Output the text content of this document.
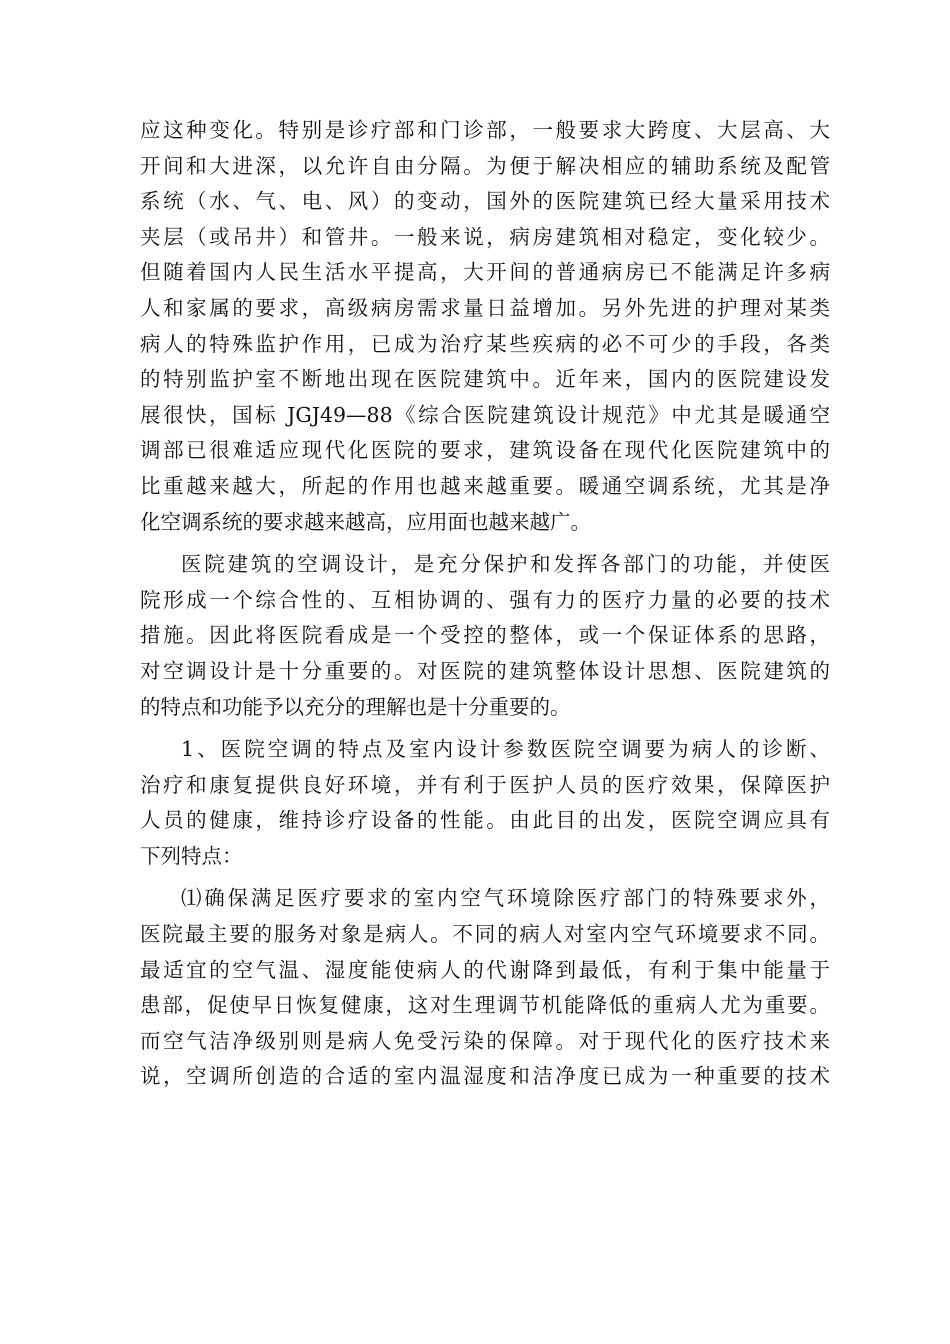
应这种变化。特别是诊疗部和门诊部，一般要求大跨度、大层高、大
开间和大进深，以允许自由分隔。为便于解决相应的辅助系统及配管
系统（水、气、电、风）的变动，国外的医院建筑已经大量采用技术
夹层（或吊井）和管井。一般来说，病房建筑相对稳定，变化较少。
但随着国内人民生活水平提高，大开间的普通病房已不能满足许多病
人和家属的要求，高级病房需求量日益增加。另外先进的护理对某类
病人的特殊监护作用，已成为治疗某些疾病的必不可少的手段，各类
的特别监护室不断地出现在医院建筑中。近年来，国内的医院建设发
展很快，国标 JGJ49—88《综合医院建筑设计规范》中尤其是暖通空
调部已很难适应现代化医院的要求，建筑设备在现代化医院建筑中的
比重越来越大，所起的作用也越来越重要。暖通空调系统，尤其是净
化空调系统的要求越来越高，应用面也越来越广。
医院建筑的空调设计，是充分保护和发挥各部门的功能，并使医
院形成一个综合性的、互相协调的、强有力的医疗力量的必要的技术
措施。因此将医院看成是一个受控的整体，或一个保证体系的思路，
对空调设计是十分重要的。对医院的建筑整体设计思想、医院建筑的
的特点和功能予以充分的理解也是十分重要的。
1、医院空调的特点及室内设计参数医院空调要为病人的诊断、
治疗和康复提供良好环境，并有利于医护人员的医疗效果，保障医护
人员的健康，维持诊疗设备的性能。由此目的出发，医院空调应具有
下列特点：
⑴确保满足医疗要求的室内空气环境除医疗部门的特殊要求外，
医院最主要的服务对象是病人。不同的病人对室内空气环境要求不同。
最适宜的空气温、湿度能使病人的代谢降到最低，有利于集中能量于
患部，促使早日恢复健康，这对生理调节机能降低的重病人尤为重要。
而空气洁净级别则是病人免受污染的保障。对于现代化的医疗技术来
说，空调所创造的合适的室内温湿度和洁净度已成为一种重要的技术
